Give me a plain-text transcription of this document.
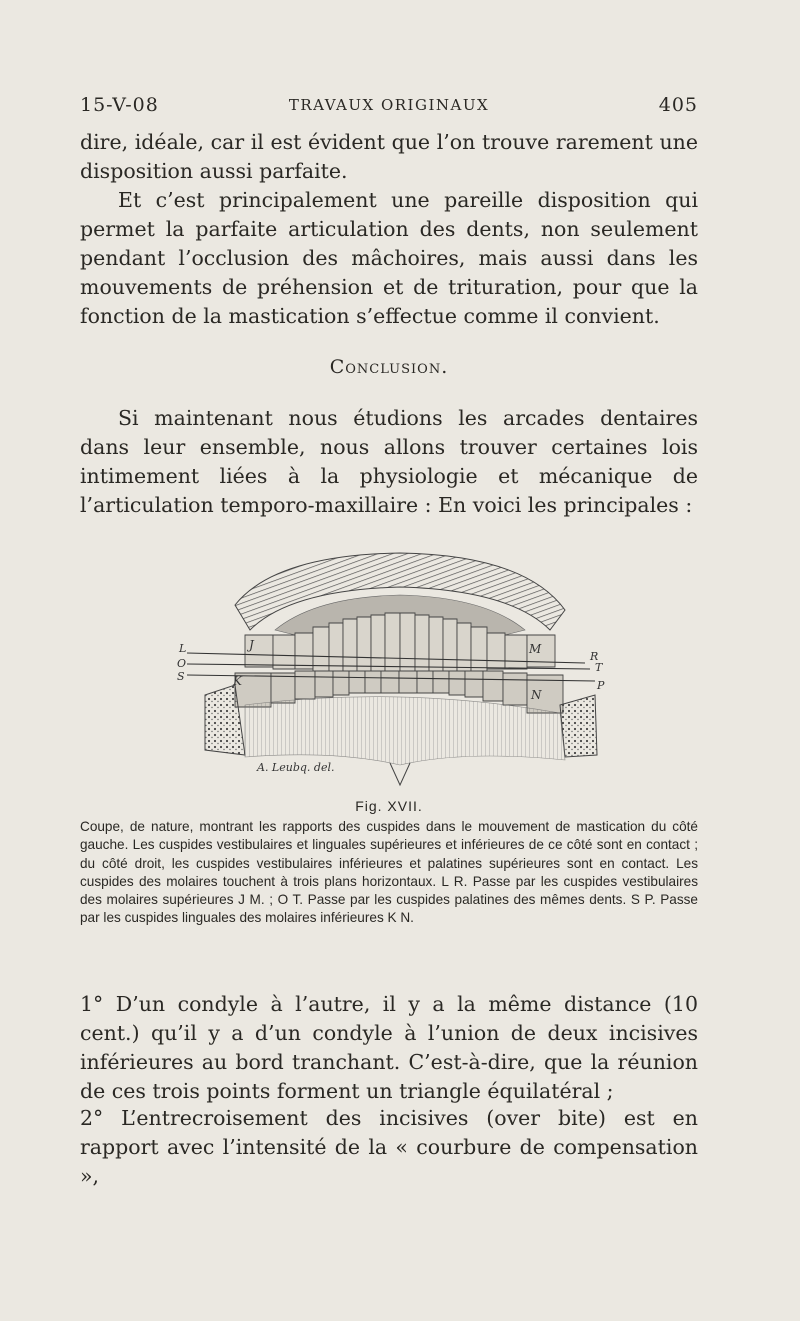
15-V-08	TRAVAUX ORIGINAUX	405

dire, idéale, car il est évident que l’on trouve rarement une disposition aussi parfaite.

Et c’est principalement une pareille disposition qui permet la parfaite articulation des dents, non seulement pendant l’occlusion des mâchoires, mais aussi dans les mouvements de préhension et de trituration, pour que la fonction de la mastication s’effectue comme il convient.

Conclusion.

Si maintenant nous étudions les arcades dentaires dans leur ensemble, nous allons trouver certaines lois intimement liées à la physiologie et mécanique de l’articulation temporo-maxillaire : En voici les principales :

L
O
S
R
T
P
J
K
M
N
A. Leubq. del.
Fig. XVII.

Coupe, de nature, montrant les rapports des cuspides dans le mouvement de mastication du côté gauche. Les cuspides vestibulaires et linguales supérieures et inférieures de ce côté sont en contact ; du côté droit, les cuspides vestibulaires inférieures et palatines supérieures sont en contact. Les cuspides des molaires touchent à trois plans horizontaux. L R. Passe par les cuspides vestibulaires des molaires supérieures J M. ; O T. Passe par les cuspides palatines des mêmes dents. S P. Passe par les cuspides linguales des molaires inférieures K N.

1° D’un condyle à l’autre, il y a la même distance (10 cent.) qu’il y a d’un condyle à l’union de deux incisives inférieures au bord tranchant. C’est-à-dire, que la réunion de ces trois points forment un triangle équilatéral ;

2° L’entrecroisement des incisives (over bite) est en rapport avec l’intensité de la « courbure de compensation »,
